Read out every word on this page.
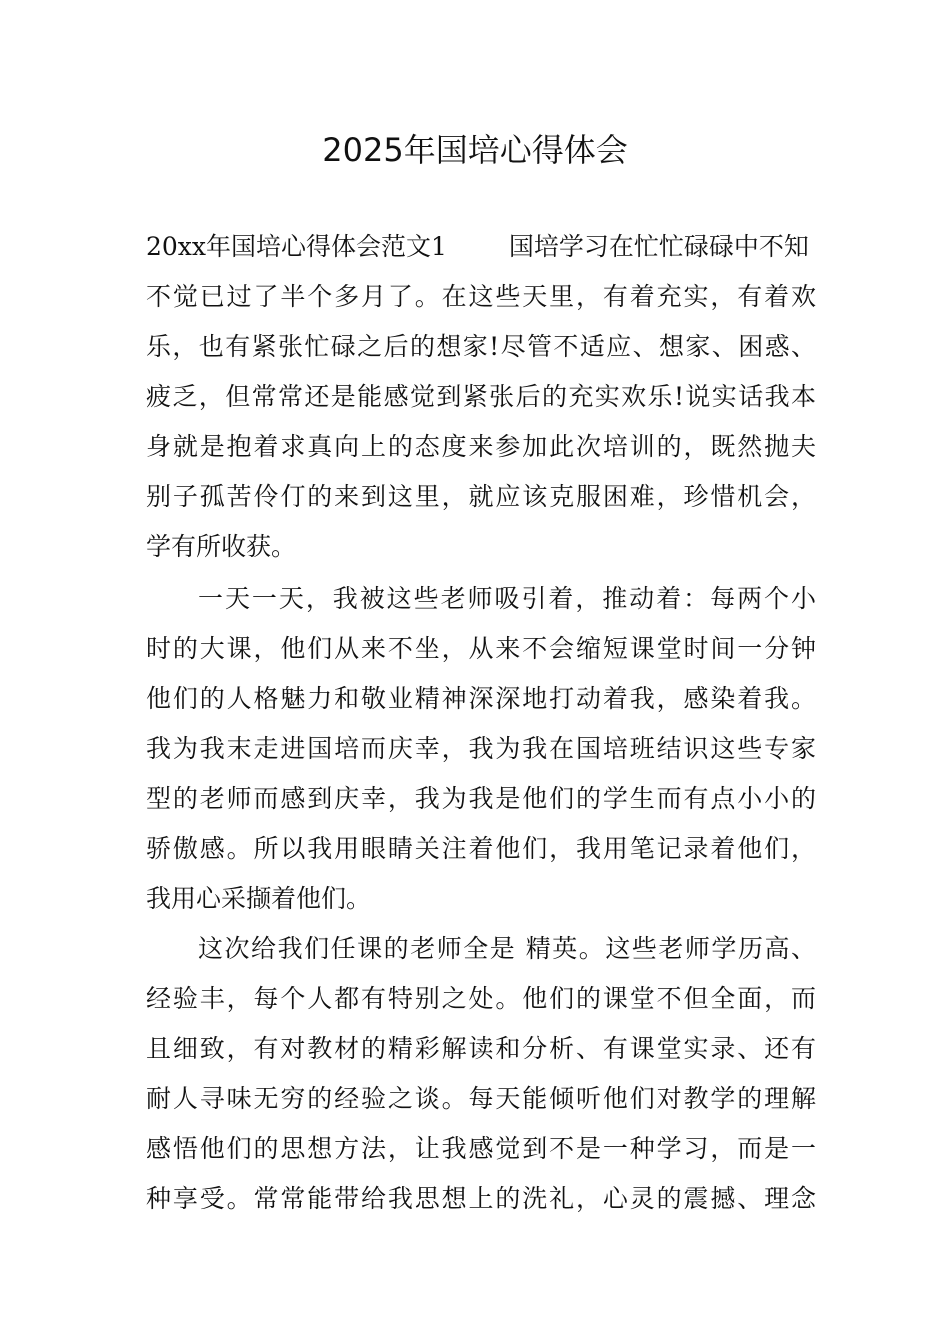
2025年国培心得体会
20xx年国培心得体会范文1 国培学习在忙忙碌碌中不知
不觉已过了半个多月了。在这些天里，有着充实，有着欢
乐，也有紧张忙碌之后的想家!尽管不适应、想家、困惑、
疲乏，但常常还是能感觉到紧张后的充实欢乐!说实话我本
身就是抱着求真向上的态度来参加此次培训的，既然抛夫
别子孤苦伶仃的来到这里，就应该克服困难，珍惜机会，
学有所收获。
一天一天，我被这些老师吸引着，推动着：每两个小
时的大课，他们从来不坐，从来不会缩短课堂时间一分钟
他们的人格魅力和敬业精神深深地打动着我，感染着我。
我为我末走进国培而庆幸，我为我在国培班结识这些专家
型的老师而感到庆幸，我为我是他们的学生而有点小小的
骄傲感。所以我用眼睛关注着他们，我用笔记录着他们，
我用心采撷着他们。
这次给我们任课的老师全是 精英。这些老师学历高、
经验丰，每个人都有特别之处。他们的课堂不但全面，而
且细致，有对教材的精彩解读和分析、有课堂实录、还有
耐人寻味无穷的经验之谈。每天能倾听他们对教学的理解
感悟他们的思想方法，让我感觉到不是一种学习，而是一
种享受。常常能带给我思想上的洗礼，心灵的震撼、理念
